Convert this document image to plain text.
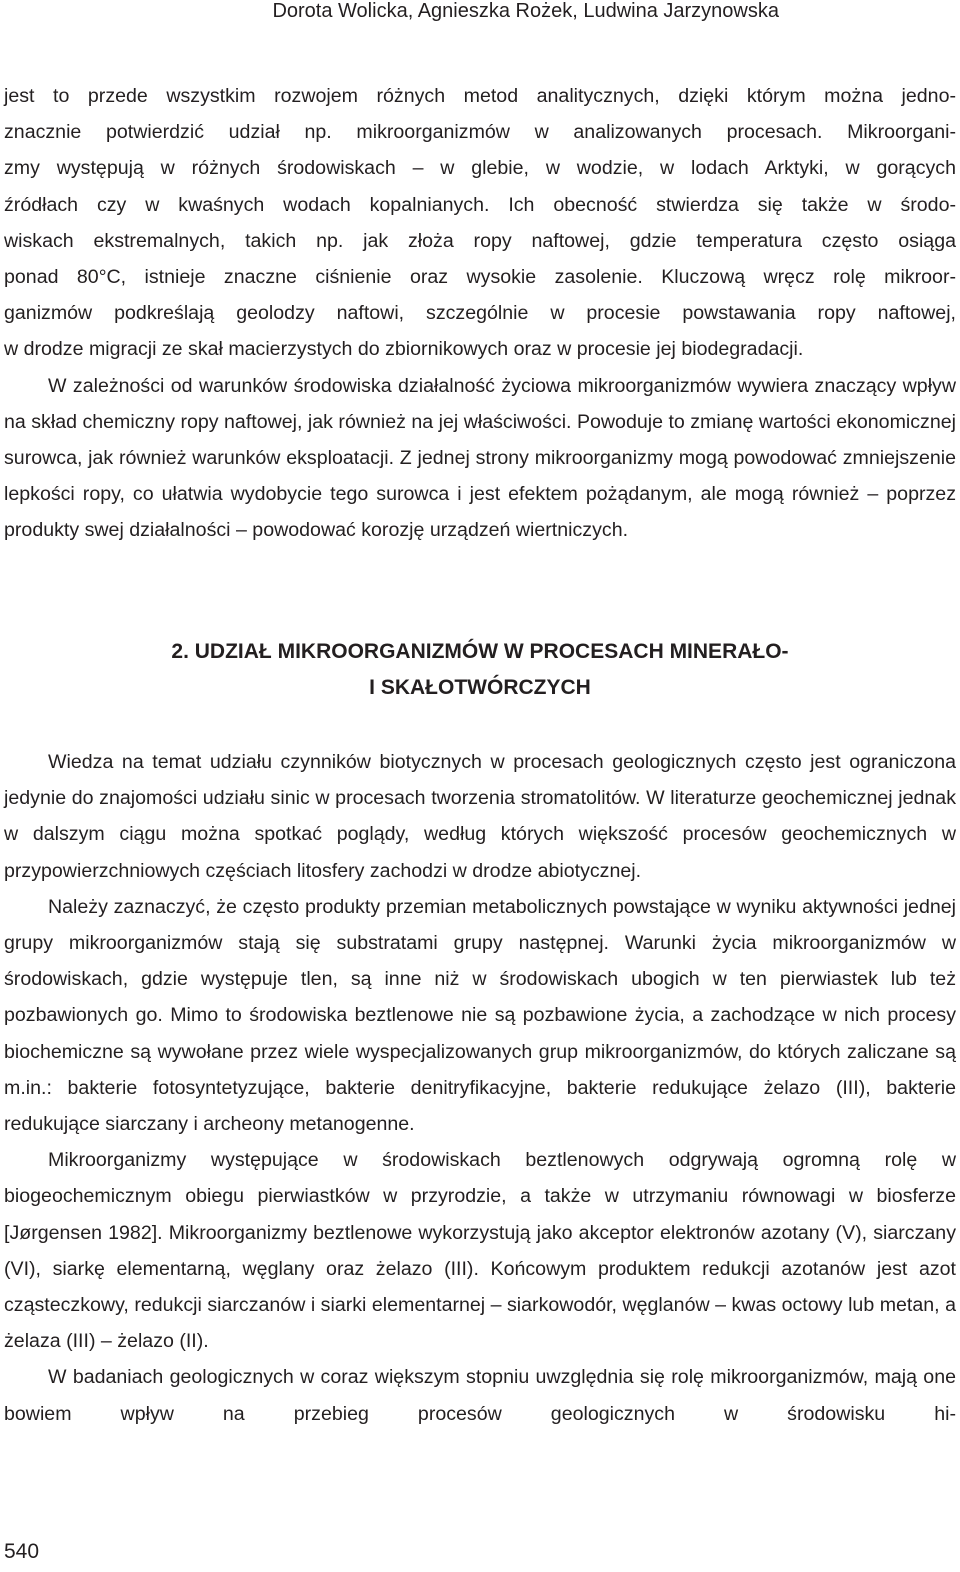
Dorota Wolicka, Agnieszka Rożek, Ludwina Jarzynowska

jest to przede wszystkim rozwojem różnych metod analitycznych, dzięki którym można jedno-
znacznie potwierdzić udział np. mikroorganizmów w analizowanych procesach. Mikroorgani-
zmy występują w różnych środowiskach – w glebie, w wodzie, w lodach Arktyki, w gorących
źródłach czy w kwaśnych wodach kopalnianych. Ich obecność stwierdza się także w środo-
wiskach ekstremalnych, takich np. jak złoża ropy naftowej, gdzie temperatura często osiąga
ponad 80°C, istnieje znaczne ciśnienie oraz wysokie zasolenie. Kluczową wręcz rolę mikroor-
ganizmów podkreślają geolodzy naftowi, szczególnie w procesie powstawania ropy naftowej,
w drodze migracji ze skał macierzystych do zbiornikowych oraz w procesie jej biodegradacji.

W zależności od warunków środowiska działalność życiowa mikroorganizmów wywiera znaczący wpływ na skład chemiczny ropy naftowej, jak również na jej właściwości. Powoduje to zmianę wartości ekonomicznej surowca, jak również warunków eksploatacji. Z jednej strony mikroorganizmy mogą powodować zmniejszenie lepkości ropy, co ułatwia wydobycie tego surowca i jest efektem pożądanym, ale mogą również – poprzez produkty swej działalności – powodować korozję urządzeń wiertniczych.

2. UDZIAŁ MIKROORGANIZMÓW W PROCESACH MINERAŁO-
I SKAŁOTWÓRCZYCH

Wiedza na temat udziału czynników biotycznych w procesach geologicznych często jest ograniczona jedynie do znajomości udziału sinic w procesach tworzenia stromatolitów. W literaturze geochemicznej jednak w dalszym ciągu można spotkać poglądy, według których większość procesów geochemicznych w przypowierzchniowych częściach litosfery zachodzi w drodze abiotycznej.

Należy zaznaczyć, że często produkty przemian metabolicznych powstające w wyniku aktywności jednej grupy mikroorganizmów stają się substratami grupy następnej. Warunki życia mikroorganizmów w środowiskach, gdzie występuje tlen, są inne niż w środowiskach ubogich w ten pierwiastek lub też pozbawionych go. Mimo to środowiska beztlenowe nie są pozbawione życia, a zachodzące w nich procesy biochemiczne są wywołane przez wiele wyspecjalizowanych grup mikroorganizmów, do których zaliczane są m.in.: bakterie fotosyntetyzujące, bakterie denitryfikacyjne, bakterie redukujące żelazo (III), bakterie redukujące siarczany i archeony metanogenne.

Mikroorganizmy występujące w środowiskach beztlenowych odgrywają ogromną rolę w biogeochemicznym obiegu pierwiastków w przyrodzie, a także w utrzymaniu równowagi w biosferze [Jørgensen 1982]. Mikroorganizmy beztlenowe wykorzystują jako akceptor elektronów azotany (V), siarczany (VI), siarkę elementarną, węglany oraz żelazo (III). Końcowym produktem redukcji azotanów jest azot cząsteczkowy, redukcji siarczanów i siarki elementarnej – siarkowodór, węglanów – kwas octowy lub metan, a żelaza (III) – żelazo (II).

W badaniach geologicznych w coraz większym stopniu uwzględnia się rolę mikroorganizmów, mają one bowiem wpływ na przebieg procesów geologicznych w środowisku hi-

540
